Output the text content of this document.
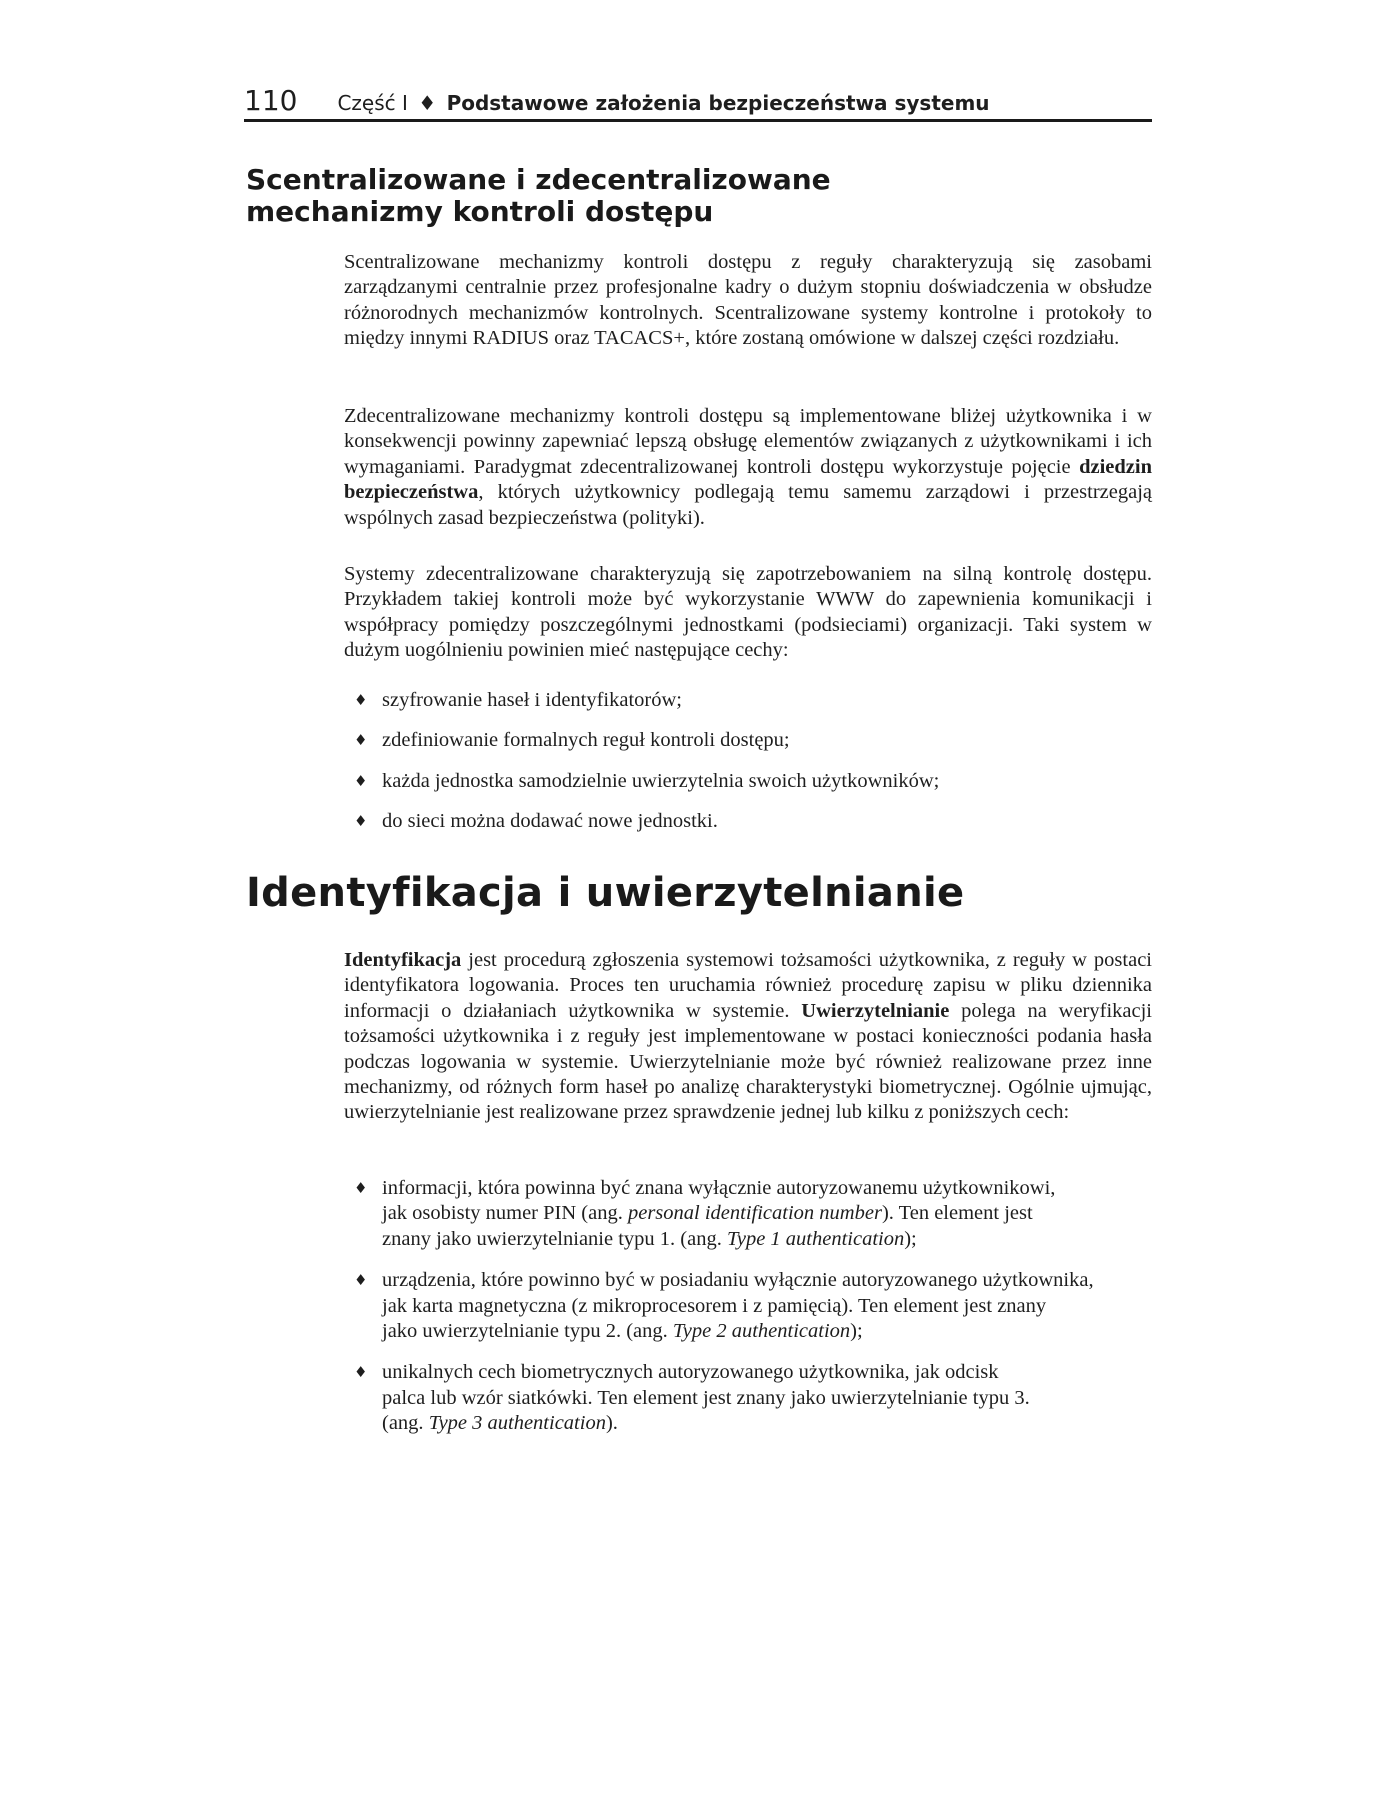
110 Część I ♦ Podstawowe założenia bezpieczeństwa systemu
Scentralizowane i zdecentralizowane
mechanizmy kontroli dostępu

Scentralizowane mechanizmy kontroli dostępu z reguły charakteryzują się zasobami zarządzanymi centralnie przez profesjonalne kadry o dużym stopniu doświadczenia w obsłudze różnorodnych mechanizmów kontrolnych. Scentralizowane systemy kontrolne i protokoły to między innymi RADIUS oraz TACACS+, które zostaną omówione w dalszej części rozdziału.

Zdecentralizowane mechanizmy kontroli dostępu są implementowane bliżej użytkownika i w konsekwencji powinny zapewniać lepszą obsługę elementów związanych z użytkownikami i ich wymaganiami. Paradygmat zdecentralizowanej kontroli dostępu wykorzystuje pojęcie dziedzin bezpieczeństwa, których użytkownicy podlegają temu samemu zarządowi i przestrzegają wspólnych zasad bezpieczeństwa (polityki).

Systemy zdecentralizowane charakteryzują się zapotrzebowaniem na silną kontrolę dostępu. Przykładem takiej kontroli może być wykorzystanie WWW do zapewnienia komunikacji i współpracy pomiędzy poszczególnymi jednostkami (podsieciami) organizacji. Taki system w dużym uogólnieniu powinien mieć następujące cechy:

♦ szyfrowanie haseł i identyfikatorów;
♦ zdefiniowanie formalnych reguł kontroli dostępu;
♦ każda jednostka samodzielnie uwierzytelnia swoich użytkowników;
♦ do sieci można dodawać nowe jednostki.
Identyfikacja i uwierzytelnianie

Identyfikacja jest procedurą zgłoszenia systemowi tożsamości użytkownika, z reguły w postaci identyfikatora logowania. Proces ten uruchamia również procedurę zapisu w pliku dziennika informacji o działaniach użytkownika w systemie. Uwierzytelnianie polega na weryfikacji tożsamości użytkownika i z reguły jest implementowane w postaci konieczności podania hasła podczas logowania w systemie. Uwierzytelnianie może być również realizowane przez inne mechanizmy, od różnych form haseł po analizę charakterystyki biometrycznej. Ogólnie ujmując, uwierzytelnianie jest realizowane przez sprawdzenie jednej lub kilku z poniższych cech:

♦ informacji, która powinna być znana wyłącznie autoryzowanemu użytkownikowi,
jak osobisty numer PIN (ang. personal identification number). Ten element jest
znany jako uwierzytelnianie typu 1. (ang. Type 1 authentication);
♦ urządzenia, które powinno być w posiadaniu wyłącznie autoryzowanego użytkownika,
jak karta magnetyczna (z mikroprocesorem i z pamięcią). Ten element jest znany
jako uwierzytelnianie typu 2. (ang. Type 2 authentication);
♦ unikalnych cech biometrycznych autoryzowanego użytkownika, jak odcisk
palca lub wzór siatkówki. Ten element jest znany jako uwierzytelnianie typu 3.
(ang. Type 3 authentication).
